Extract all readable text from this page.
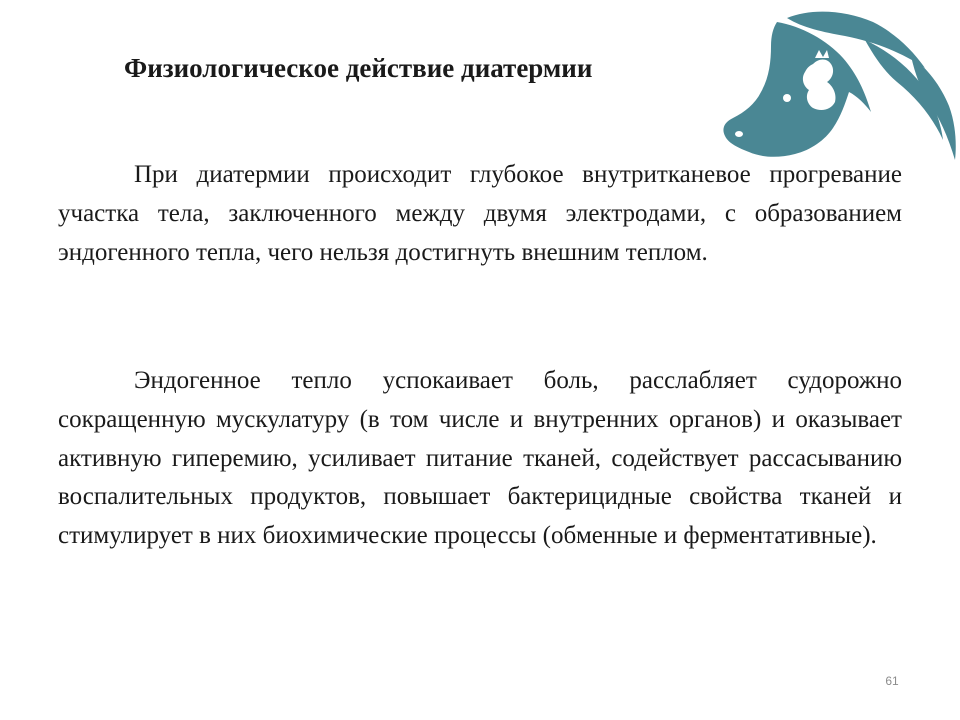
Физиологическое действие диатермии

При диатермии происходит глубокое внутритканевое прогревание участка тела, заключенного между двумя электродами, с образованием эндогенного тепла, чего нельзя достигнуть внешним теплом.

Эндогенное тепло успокаивает боль, расслабляет судорожно сокращенную мускулатуру (в том числе и внутренних органов) и оказывает активную гиперемию, усиливает питание тканей, содействует рассасыванию воспалительных продуктов, повышает бактерицидные свойства тканей и стимулирует в них биохимические процессы (обменные и ферментативные).

61
